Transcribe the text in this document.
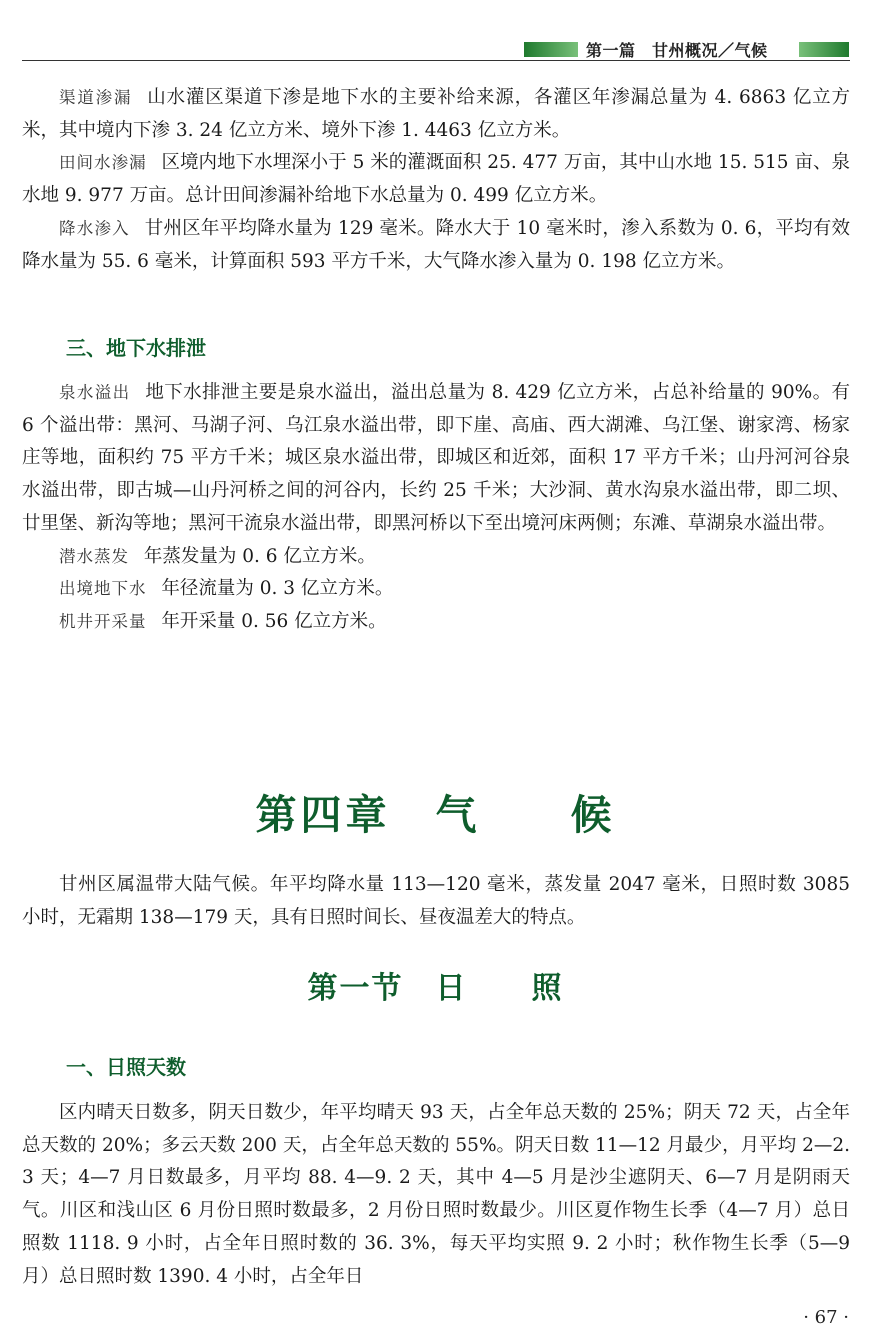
第一篇　甘州概况／气候

渠道渗漏 山水灌区渠道下渗是地下水的主要补给来源，各灌区年渗漏总量为 4. 6863 亿立方米，其中境内下渗 3. 24 亿立方米、境外下渗 1. 4463 亿立方米。

田间水渗漏 区境内地下水埋深小于 5 米的灌溉面积 25. 477 万亩，其中山水地 15. 515 亩、泉水地 9. 977 万亩。总计田间渗漏补给地下水总量为 0. 499 亿立方米。

降水渗入 甘州区年平均降水量为 129 毫米。降水大于 10 毫米时，渗入系数为 0. 6，平均有效降水量为 55. 6 毫米，计算面积 593 平方千米，大气降水渗入量为 0. 198 亿立方米。

三、地下水排泄

泉水溢出 地下水排泄主要是泉水溢出，溢出总量为 8. 429 亿立方米，占总补给量的 90%。有 6 个溢出带：黑河、马湖子河、乌江泉水溢出带，即下崖、高庙、西大湖滩、乌江堡、谢家湾、杨家庄等地，面积约 75 平方千米；城区泉水溢出带，即城区和近郊，面积 17 平方千米；山丹河河谷泉水溢出带，即古城—山丹河桥之间的河谷内，长约 25 千米；大沙洞、黄水沟泉水溢出带，即二坝、廿里堡、新沟等地；黑河干流泉水溢出带，即黑河桥以下至出境河床两侧；东滩、草湖泉水溢出带。

潜水蒸发 年蒸发量为 0. 6 亿立方米。

出境地下水 年径流量为 0. 3 亿立方米。

机井开采量 年开采量 0. 56 亿立方米。

第四章　气　　候

甘州区属温带大陆气候。年平均降水量 113—120 毫米，蒸发量 2047 毫米，日照时数 3085 小时，无霜期 138—179 天，具有日照时间长、昼夜温差大的特点。

第一节　日　　照
一、日照天数

区内晴天日数多，阴天日数少，年平均晴天 93 天，占全年总天数的 25%；阴天 72 天，占全年总天数的 20%；多云天数 200 天，占全年总天数的 55%。阴天日数 11—12 月最少，月平均 2—2. 3 天；4—7 月日数最多，月平均 88. 4—9. 2 天，其中 4—5 月是沙尘遮阴天、6—7 月是阴雨天气。川区和浅山区 6 月份日照时数最多，2 月份日照时数最少。川区夏作物生长季（4—7 月）总日照数 1118. 9 小时，占全年日照时数的 36. 3%，每天平均实照 9. 2 小时；秋作物生长季（5—9 月）总日照时数 1390. 4 小时，占全年日

· 67 ·
